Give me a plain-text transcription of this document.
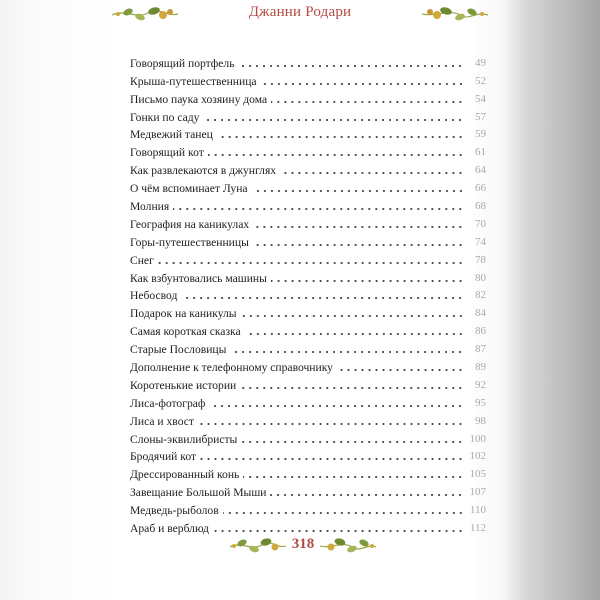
Джанни Родари
Говорящий портфель	49
Крыша-путешественница	52
Письмо паука хозяину дома	54
Гонки по саду	57
Медвежий танец	59
Говорящий кот	61
Как развлекаются в джунглях	64
О чём вспоминает Луна	66
Молния	68
География на каникулах	70
Горы-путешественницы	74
Снег	78
Как взбунтовались машины	80
Небосвод	82
Подарок на каникулы	84
Самая короткая сказка	86
Старые Пословицы	87
Дополнение к телефонному справочнику	89
Коротенькие истории	92
Лиса-фотограф	95
Лиса и хвост	98
Слоны-эквилибристы	100
Бродячий кот	102
Дрессированный конь	105
Завещание Большой Мыши	107
Медведь-рыболов	110
Араб и верблюд	112
318
